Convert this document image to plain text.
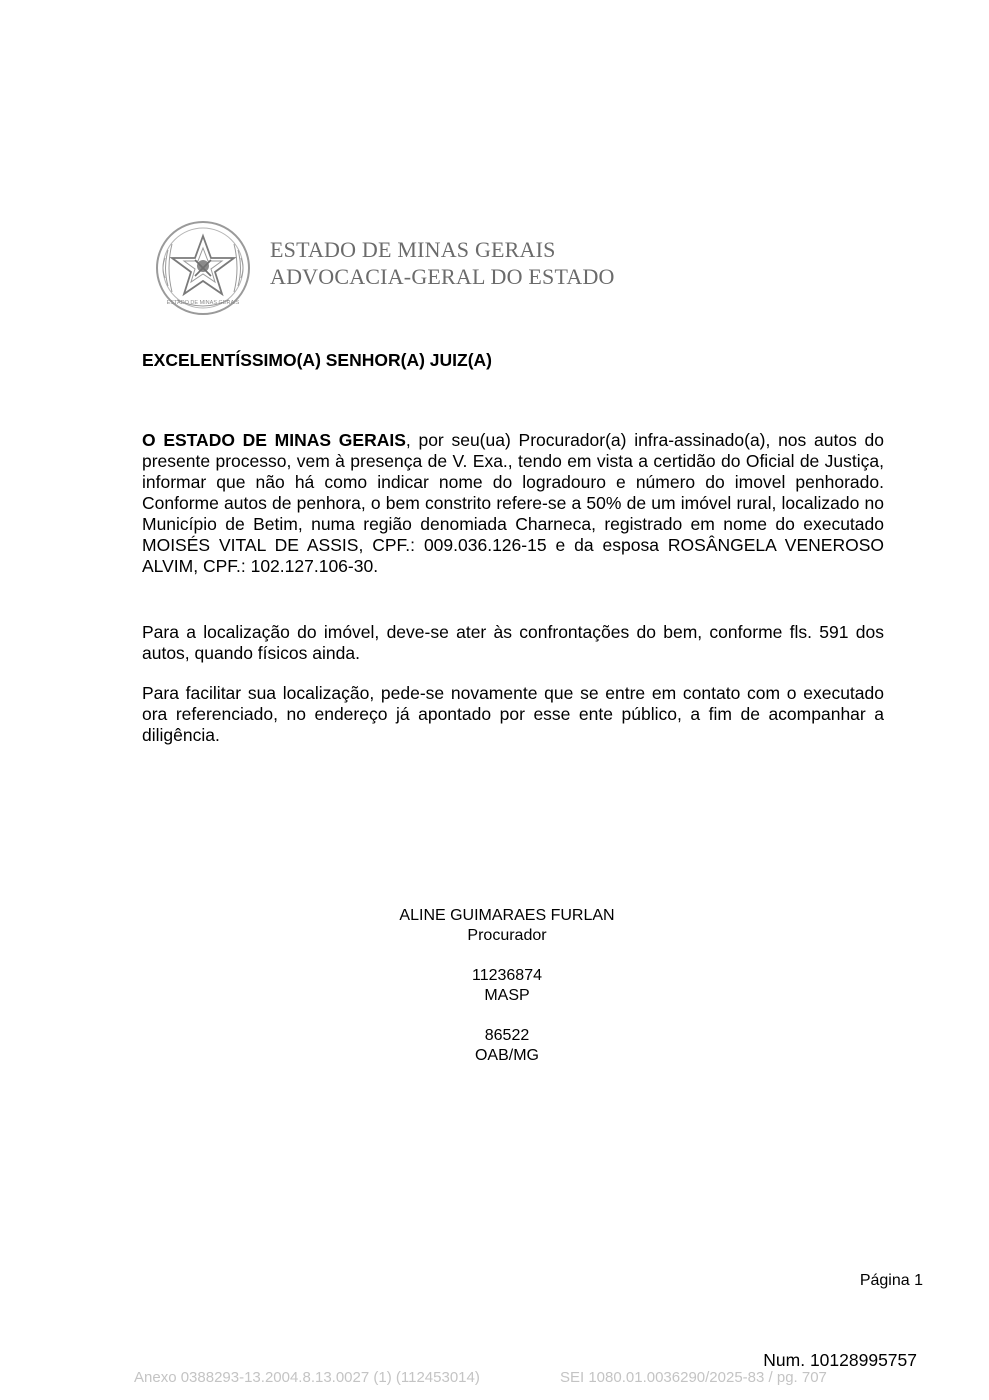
ESTADO DE MINAS GERAIS
ESTADO DE MINAS GERAIS
ADVOCACIA-GERAL DO ESTADO
EXCELENTÍSSIMO(A) SENHOR(A) JUIZ(A)
O ESTADO DE MINAS GERAIS, por seu(ua) Procurador(a) infra-assinado(a), nos autos do presente processo, vem à presença de V. Exa., tendo em vista a certidão do Oficial de Justiça, informar que não há como indicar nome do logradouro e número do imovel penhorado. Conforme autos de penhora, o bem constrito refere-se a 50% de um imóvel rural, localizado no Município de Betim, numa região denomiada Charneca, registrado em nome do executado MOISÉS VITAL DE ASSIS, CPF.: 009.036.126-15 e da esposa ROSÂNGELA VENEROSO ALVIM, CPF.: 102.127.106-30.
Para a localização do imóvel, deve-se ater às confrontações do bem, conforme fls. 591 dos autos, quando físicos ainda.
Para facilitar sua localização, pede-se novamente que se entre em contato com o executado ora referenciado, no endereço já apontado por esse ente público, a fim de acompanhar a diligência.
ALINE GUIMARAES FURLAN
Procurador
11236874
MASP
86522
OAB/MG
Página 1
Num. 10128995757
Anexo 0388293-13.2004.8.13.0027 (1) (112453014)	SEI 1080.01.0036290/2025-83 / pg. 707
